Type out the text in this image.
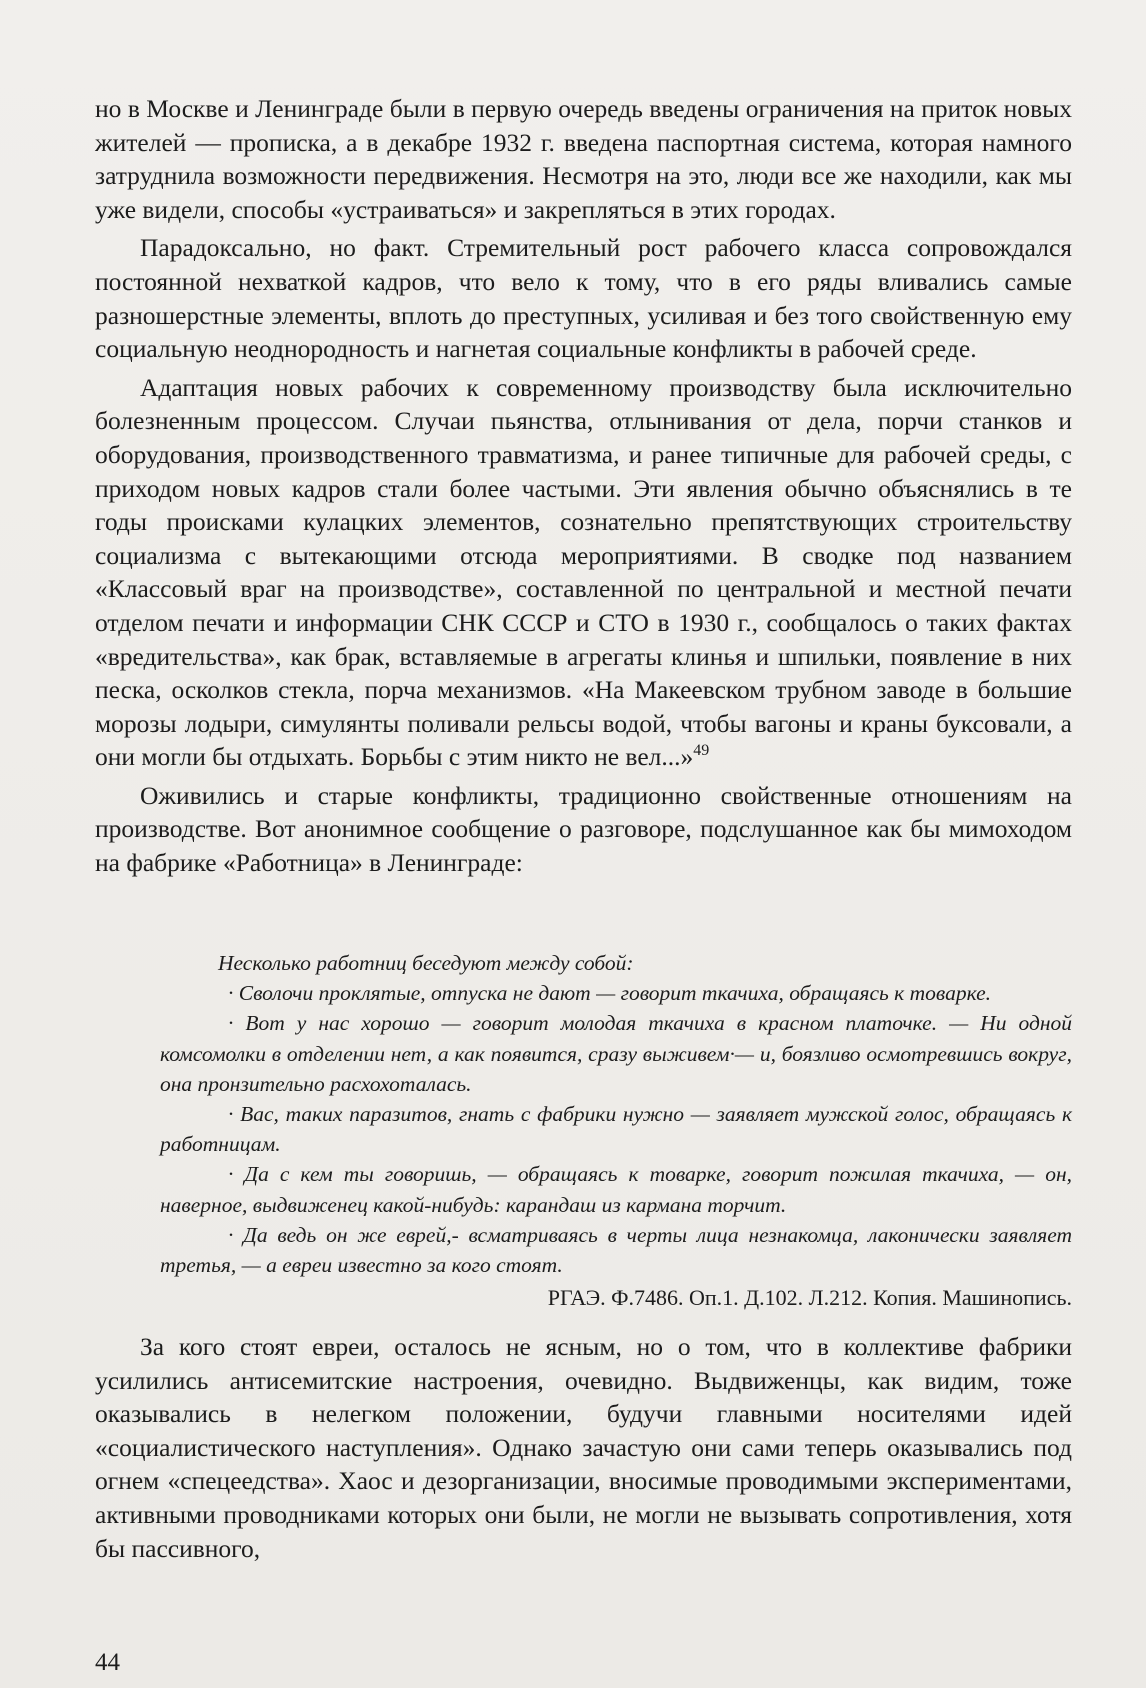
но в Москве и Ленинграде были в первую очередь введены ограничения на приток новых жителей — прописка, а в декабре 1932 г. введена паспортная система, которая намного затруднила возможности передвижения. Несмотря на это, люди все же находили, как мы уже видели, способы «устраиваться» и закрепляться в этих городах.

Парадоксально, но факт. Стремительный рост рабочего класса сопровождался постоянной нехваткой кадров, что вело к тому, что в его ряды вливались самые разношерстные элементы, вплоть до преступных, усиливая и без того свойственную ему социальную неоднородность и нагнетая социальные конфликты в рабочей среде.

Адаптация новых рабочих к современному производству была исключительно болезненным процессом. Случаи пьянства, отлынивания от дела, порчи станков и оборудования, производственного травматизма, и ранее типичные для рабочей среды, с приходом новых кадров стали более частыми. Эти явления обычно объяснялись в те годы происками кулацких элементов, сознательно препятствующих строительству социализма с вытекающими отсюда мероприятиями. В сводке под названием «Классовый враг на производстве», составленной по центральной и местной печати отделом печати и информации СНК СССР и СТО в 1930 г., сообщалось о таких фактах «вредительства», как брак, вставляемые в агрегаты клинья и шпильки, появление в них песка, осколков стекла, порча механизмов. «На Макеевском трубном заводе в большие морозы лодыри, симулянты поливали рельсы водой, чтобы вагоны и краны буксовали, а они могли бы отдыхать. Борьбы с этим никто не вел...»$^{49}$

Оживились и старые конфликты, традиционно свойственные отношениям на производстве. Вот анонимное сообщение о разговоре, подслушанное как бы мимоходом на фабрике «Работница» в Ленинграде:

Несколько работниц беседуют между собой:

· Сволочи проклятые, отпуска не дают — говорит ткачиха, обращаясь к товарке.

· Вот у нас хорошо — говорит молодая ткачиха в красном платочке. — Ни одной комсомолки в отделении нет, а как появится, сразу выживем·— и, боязливо осмотревшись вокруг, она пронзительно расхохоталась.

· Вас, таких паразитов, гнать с фабрики нужно — заявляет мужской голос, обращаясь к работницам.

· Да с кем ты говоришь, — обращаясь к товарке, говорит пожилая ткачиха, — он, наверное, выдвиженец какой-нибудь: карандаш из кармана торчит.

· Да ведь он же еврей,- всматриваясь в черты лица незнакомца, лаконически заявляет третья, — а евреи известно за кого стоят.

РГАЭ. Ф.7486. Оп.1. Д.102. Л.212. Копия. Машинопись.

За кого стоят евреи, осталось не ясным, но о том, что в коллективе фабрики усилились антисемитские настроения, очевидно. Выдвиженцы, как видим, тоже оказывались в нелегком положении, будучи главными носителями идей «социалистического наступления». Однако зачастую они сами теперь оказывались под огнем «спецеедства». Хаос и дезорганизации, вносимые проводимыми экспериментами, активными проводниками которых они были, не могли не вызывать сопротивления, хотя бы пассивного,

44
